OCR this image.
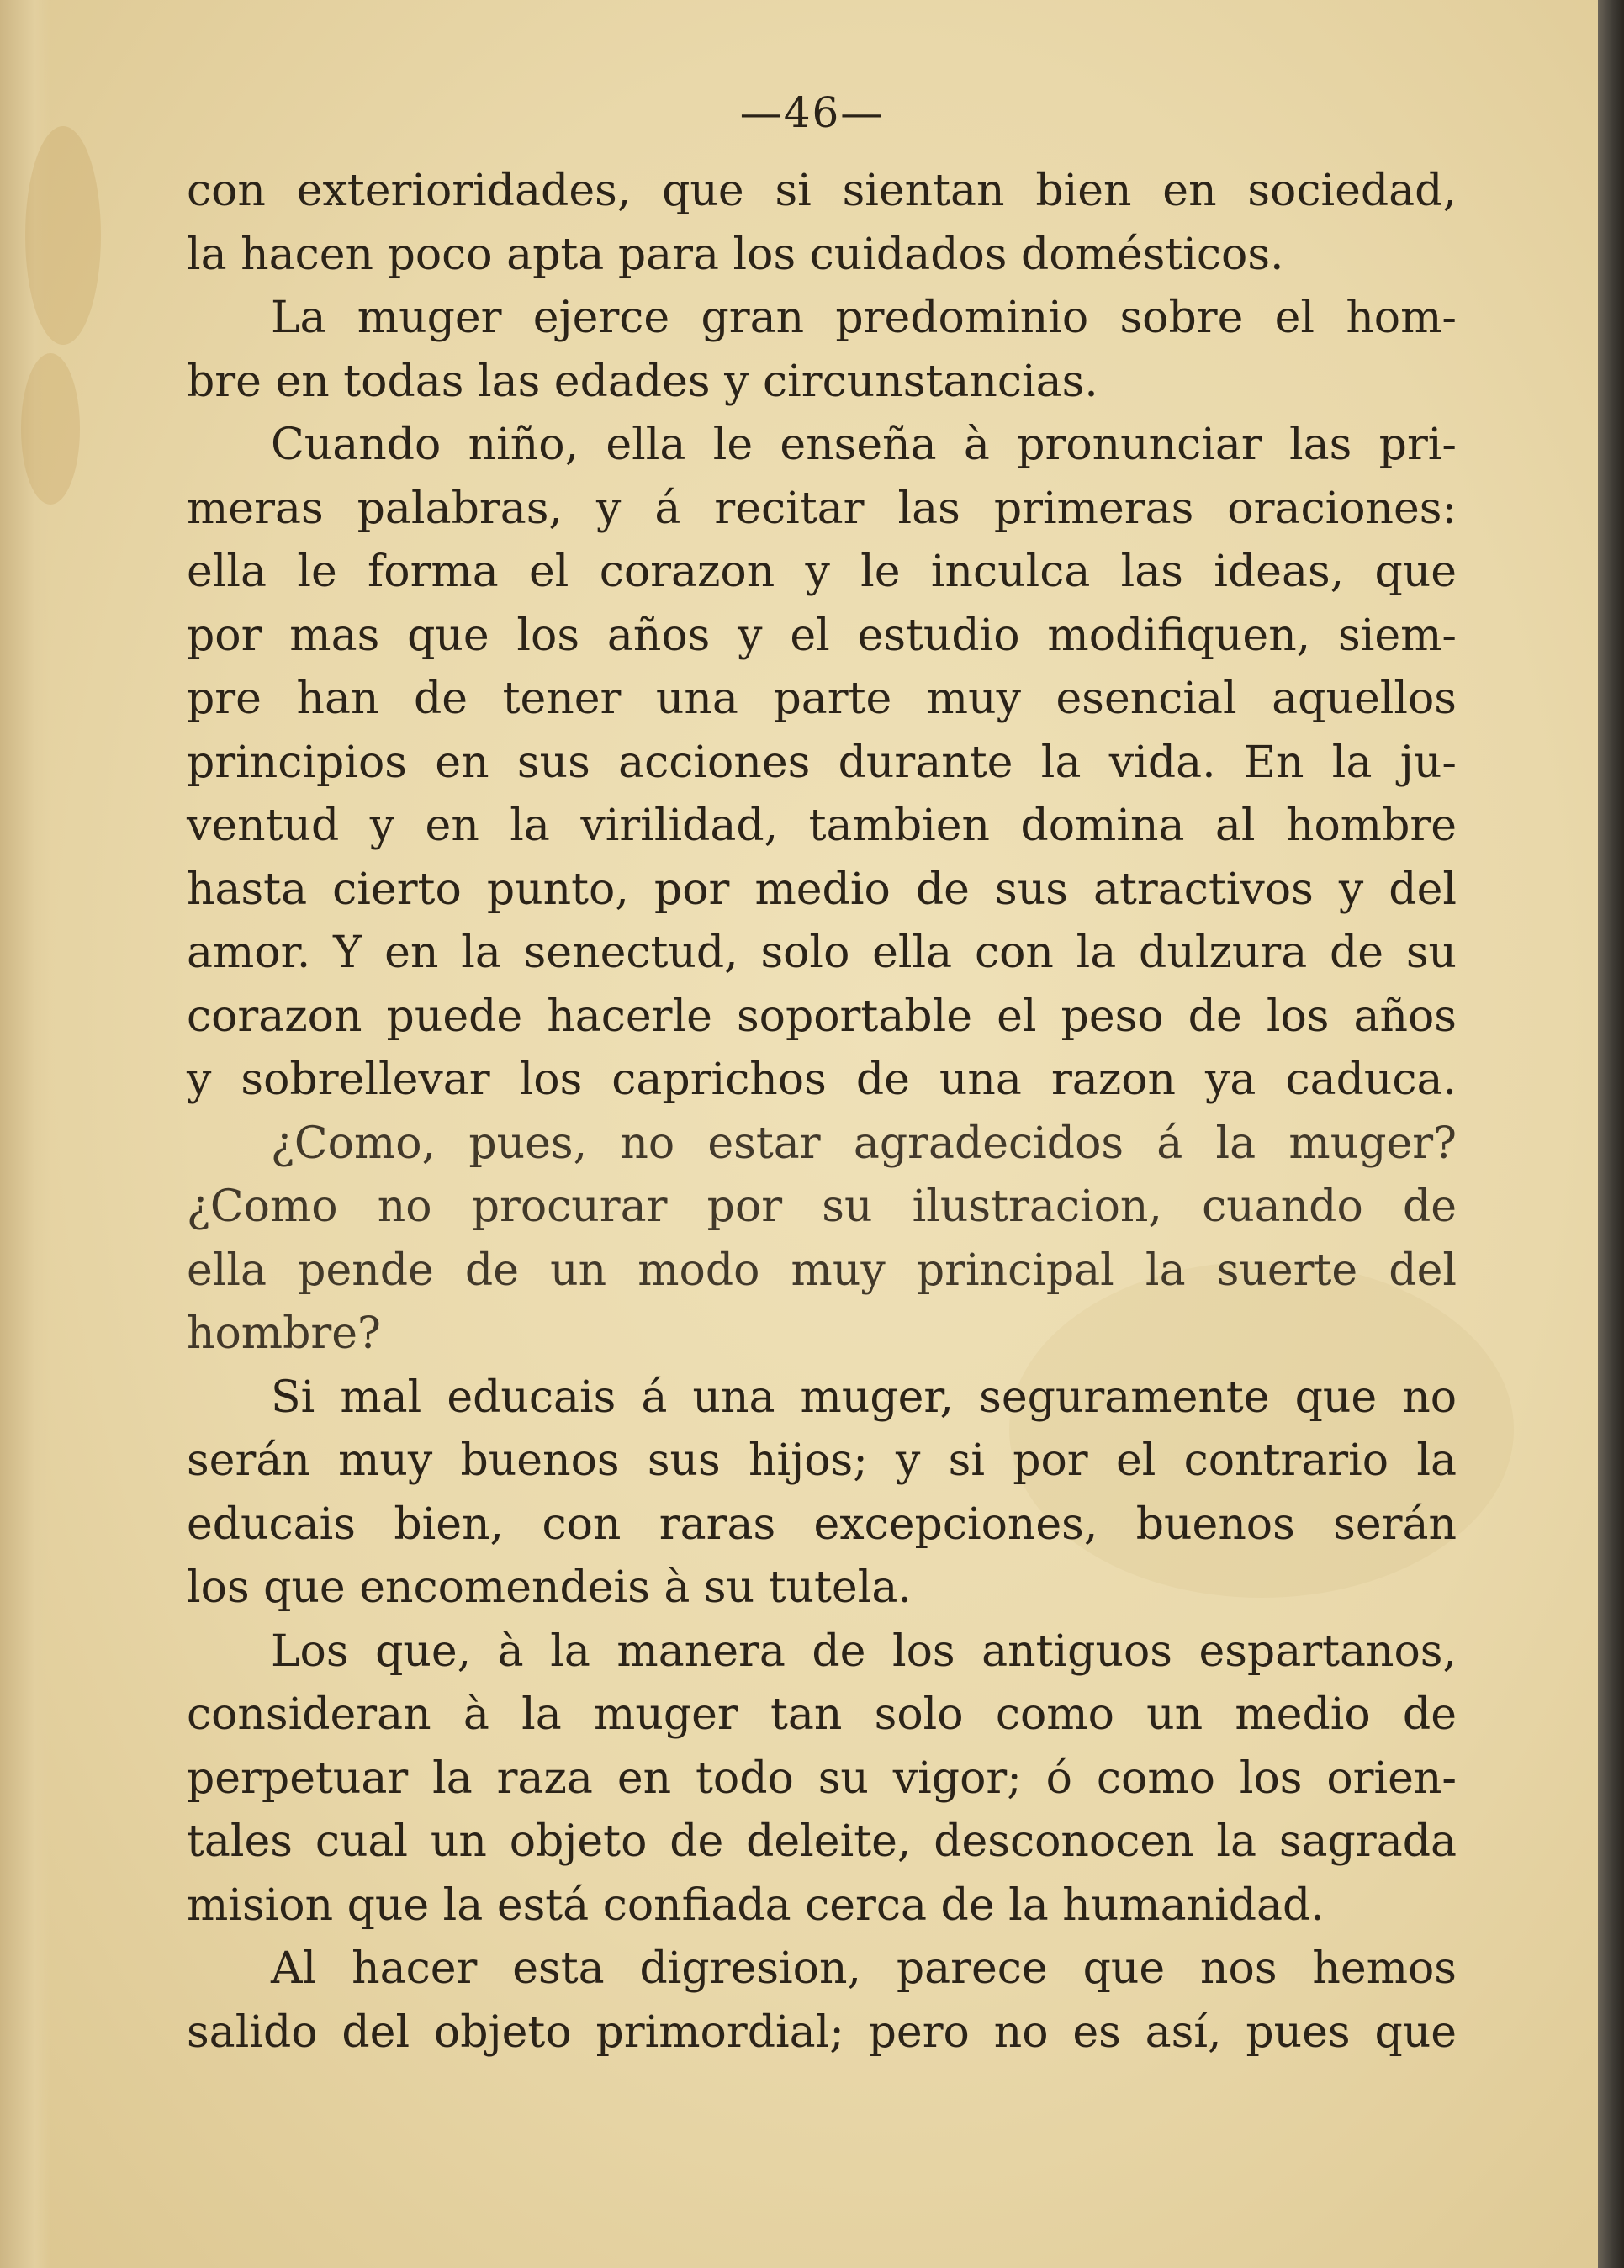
—46—
con exterioridades, que si sientan bien en sociedad,
la hacen poco apta para los cuidados domésticos.
La muger ejerce gran predominio sobre el hom-
bre en todas las edades y circunstancias.
Cuando niño, ella le enseña à pronunciar las pri-
meras palabras, y á recitar las primeras oraciones:
ella le forma el corazon y le inculca las ideas, que
por mas que los años y el estudio modifiquen, siem-
pre han de tener una parte muy esencial aquellos
principios en sus acciones durante la vida. En la ju-
ventud y en la virilidad, tambien domina al hombre
hasta cierto punto, por medio de sus atractivos y del
amor. Y en la senectud, solo ella con la dulzura de su
corazon puede hacerle soportable el peso de los años
y sobrellevar los caprichos de una razon ya caduca.
¿Como, pues, no estar agradecidos á la muger?
¿Como no procurar por su ilustracion, cuando de
ella pende de un modo muy principal la suerte del
hombre?
Si mal educais á una muger, seguramente que no
serán muy buenos sus hijos; y si por el contrario la
educais bien, con raras excepciones, buenos serán
los que encomendeis à su tutela.
Los que, à la manera de los antiguos espartanos,
consideran à la muger tan solo como un medio de
perpetuar la raza en todo su vigor; ó como los orien-
tales cual un objeto de deleite, desconocen la sagrada
mision que la está confiada cerca de la humanidad.
Al hacer esta digresion, parece que nos hemos
salido del objeto primordial; pero no es así, pues que
